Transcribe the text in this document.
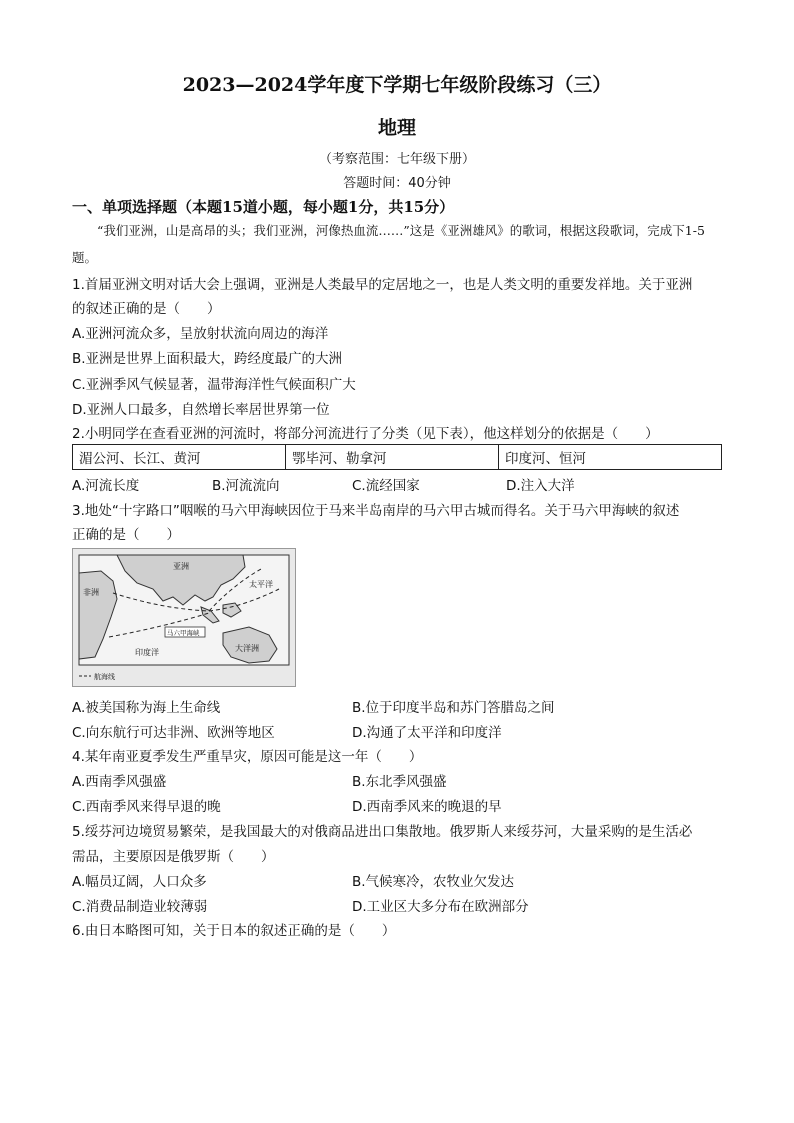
2023—2024学年度下学期七年级阶段练习（三）
地理
（考察范围：七年级下册）
答题时间：40分钟
一、单项选择题（本题15道小题，每小题1分，共15分）
“我们亚洲，山是高昂的头；我们亚洲，河像热血流……”这是《亚洲雄风》的歌词，根据这段歌词，完成下1-5题。
1.首届亚洲文明对话大会上强调，亚洲是人类最早的定居地之一，也是人类文明的重要发祥地。关于亚洲
的叙述正确的是（　　）
A.亚洲河流众多，呈放射状流向周边的海洋
B.亚洲是世界上面积最大，跨经度最广的大洲
C.亚洲季风气候显著，温带海洋性气候面积广大
D.亚洲人口最多，自然增长率居世界第一位
2.小明同学在查看亚洲的河流时，将部分河流进行了分类（见下表），他这样划分的依据是（　　）
湄公河、长江、黄河	鄂毕河、勒拿河	印度河、恒河
A.河流长度	B.河流流向	C.流经国家	D.注入大洋
3.地处“十字路口”咽喉的马六甲海峡因位于马来半岛南岸的马六甲古城而得名。关于马六甲海峡的叙述
正确的是（　　）
马六甲海峡
亚洲
非洲
太平洋
印度洋	大洋洲
航海线
A.被美国称为海上生命线	B.位于印度半岛和苏门答腊岛之间
C.向东航行可达非洲、欧洲等地区	D.沟通了太平洋和印度洋
4.某年南亚夏季发生严重旱灾，原因可能是这一年（　　）
A.西南季风强盛	B.东北季风强盛
C.西南季风来得早退的晚	D.西南季风来的晚退的早
5.绥芬河边境贸易繁荣，是我国最大的对俄商品进出口集散地。俄罗斯人来绥芬河，大量采购的是生活必
需品，主要原因是俄罗斯（　　）
A.幅员辽阔，人口众多	B.气候寒冷，农牧业欠发达
C.消费品制造业较薄弱	D.工业区大多分布在欧洲部分
6.由日本略图可知，关于日本的叙述正确的是（　　）
